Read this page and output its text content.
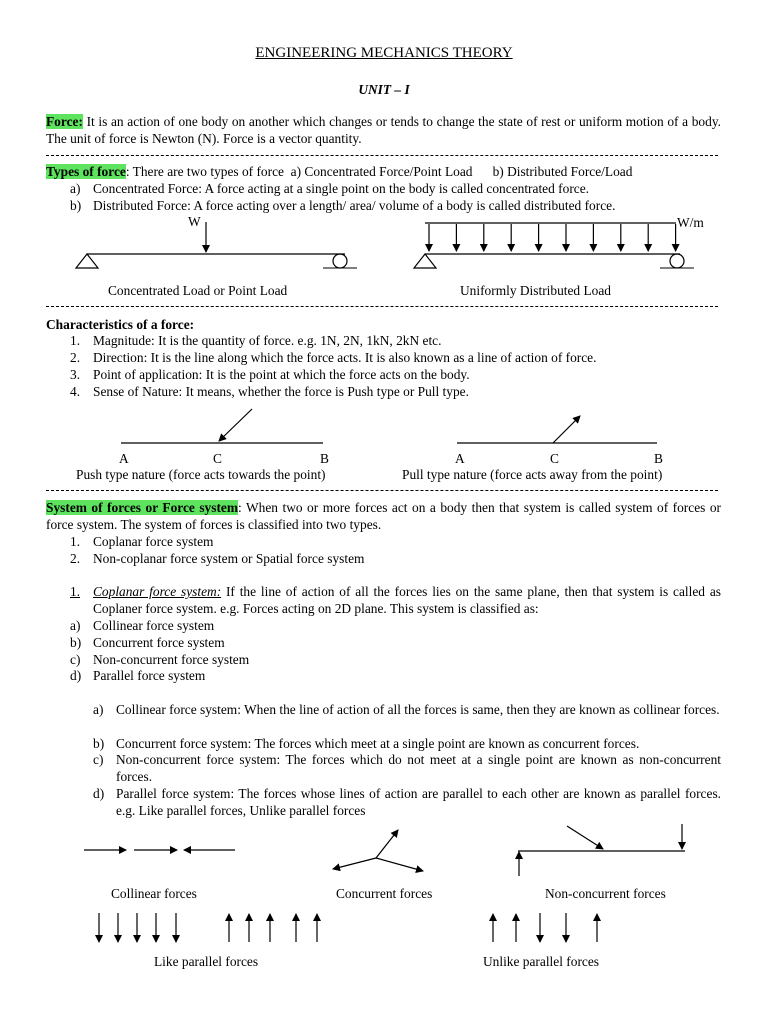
ENGINEERING MECHANICS THEORY
UNIT – I
Force: It is an action of one body on another which changes or tends to change the state of rest or uniform motion of a body. The unit of force is Newton (N). Force is a vector quantity.
Types of force: There are two types of force  a) Concentrated Force/Point Load      b) Distributed Force/Load
a) Concentrated Force: A force acting at a single point on the body is called concentrated force.
b) Distributed Force: A force acting over a length/ area/ volume of a body is called distributed force.
W
Concentrated Load or Point Load
W/m
Uniformly Distributed Load
Characteristics of a force:
1. Magnitude: It is the quantity of force. e.g. 1N, 2N, 1kN, 2kN etc.
2. Direction: It is the line along which the force acts. It is also known as a line of action of force.
3. Point of application: It is the point at which the force acts on the body.
4. Sense of Nature: It means, whether the force is Push type or Pull type.
A	C	B	A	C	B
Push type nature (force acts towards the point)	Pull type nature (force acts away from the point)
System of forces or Force system: When two or more forces act on a body then that system is called system of forces or force system. The system of forces is classified into two types.
1. Coplanar force system
2. Non-coplanar force system or Spatial force system
1. Coplanar force system: If the line of action of all the forces lies on the same plane, then that system is called as Coplaner force system. e.g. Forces acting on 2D plane. This system is classified as:
a) Collinear force system
b) Concurrent force system
c) Non-concurrent force system
d) Parallel force system
a) Collinear force system: When the line of action of all the forces is same, then they are known as collinear forces.
b) Concurrent force system: The forces which meet at a single point are known as concurrent forces.
c) Non-concurrent force system: The forces which do not meet at a single point are known as non-concurrent forces.
d) Parallel force system: The forces whose lines of action are parallel to each other are known as parallel forces. e.g. Like parallel forces, Unlike parallel forces
Collinear forces	Concurrent forces	Non-concurrent forces
Like parallel forces	Unlike parallel forces
